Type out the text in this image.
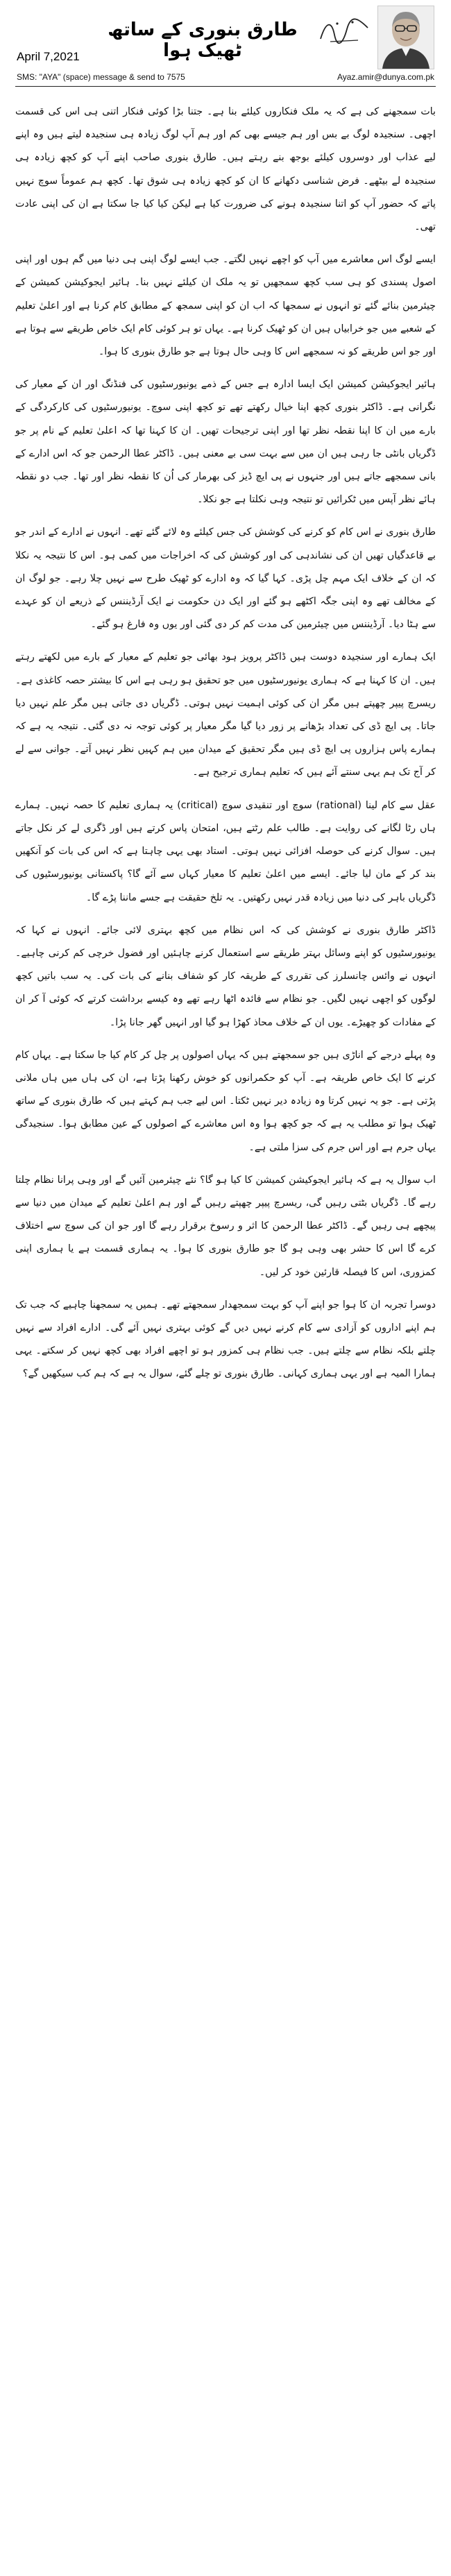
طارق بنوری کے ساتھ ٹھیک ہوا
April 7,2021
SMS: "AYA" (space) message & send to 7575	Ayaz.amir@dunya.com.pk

بات سمجھنے کی ہے کہ یہ ملک فنکاروں کیلئے بنا ہے۔ جتنا بڑا کوئی فنکار اتنی ہی اس کی قسمت اچھی۔ سنجیدہ لوگ بے بس اور ہم جیسے بھی کم اور ہم آپ لوگ زیادہ ہی سنجیدہ لیتے ہیں وہ اپنے لیے عذاب اور دوسروں کیلئے بوجھ بنے رہتے ہیں۔ طارق بنوری صاحب اپنے آپ کو کچھ زیادہ ہی سنجیدہ لے بیٹھے۔ فرض شناسی دکھانے کا ان کو کچھ زیادہ ہی شوق تھا۔ کچھ ہم عموماً سوچ نہیں پاتے کہ حضور آپ کو اتنا سنجیدہ ہونے کی ضرورت کیا ہے لیکن کیا کیا جا سکتا ہے ان کی اپنی عادت تھی۔

ایسے لوگ اس معاشرے میں آپ کو اچھے نہیں لگتے۔ جب ایسے لوگ اپنی ہی دنیا میں گم ہوں اور اپنی اصول پسندی کو ہی سب کچھ سمجھیں تو یہ ملک ان کیلئے نہیں بنا۔ ہائیر ایجوکیشن کمیشن کے چیئرمین بنائے گئے تو انہوں نے سمجھا کہ اب ان کو اپنی سمجھ کے مطابق کام کرنا ہے اور اعلیٰ تعلیم کے شعبے میں جو خرابیاں ہیں ان کو ٹھیک کرنا ہے۔ یہاں تو ہر کوئی کام ایک خاص طریقے سے ہوتا ہے اور جو اس طریقے کو نہ سمجھے اس کا وہی حال ہوتا ہے جو طارق بنوری کا ہوا۔

ہائیر ایجوکیشن کمیشن ایک ایسا ادارہ ہے جس کے ذمے یونیورسٹیوں کی فنڈنگ اور ان کے معیار کی نگرانی ہے۔ ڈاکٹر بنوری کچھ اپنا خیال رکھتے تھے تو کچھ اپنی سوچ۔ یونیورسٹیوں کی کارکردگی کے بارے میں ان کا اپنا نقطہ نظر تھا اور اپنی ترجیحات تھیں۔ ان کا کہنا تھا کہ اعلیٰ تعلیم کے نام پر جو ڈگریاں بانٹی جا رہی ہیں ان میں سے بہت سی بے معنی ہیں۔ ڈاکٹر عطا الرحمن جو کہ اس ادارے کے بانی سمجھے جاتے ہیں اور جنہوں نے پی ایچ ڈیز کی بھرمار کی اُن کا نقطہ نظر اور تھا۔ جب دو نقطہ ہائے نظر آپس میں ٹکرائیں تو نتیجہ وہی نکلتا ہے جو نکلا۔

طارق بنوری نے اس کام کو کرنے کی کوشش کی جس کیلئے وہ لائے گئے تھے۔ انہوں نے ادارے کے اندر جو بے قاعدگیاں تھیں ان کی نشاندہی کی اور کوشش کی کہ اخراجات میں کمی ہو۔ اس کا نتیجہ یہ نکلا کہ ان کے خلاف ایک مہم چل پڑی۔ کہا گیا کہ وہ ادارے کو ٹھیک طرح سے نہیں چلا رہے۔ جو لوگ ان کے مخالف تھے وہ اپنی جگہ اکٹھے ہو گئے اور ایک دن حکومت نے ایک آرڈیننس کے ذریعے ان کو عہدے سے ہٹا دیا۔ آرڈیننس میں چیئرمین کی مدت کم کر دی گئی اور یوں وہ فارغ ہو گئے۔

ایک ہمارے اور سنجیدہ دوست ہیں ڈاکٹر پرویز ہود بھائی جو تعلیم کے معیار کے بارے میں لکھتے رہتے ہیں۔ ان کا کہنا ہے کہ ہماری یونیورسٹیوں میں جو تحقیق ہو رہی ہے اس کا بیشتر حصہ کاغذی ہے۔ ریسرچ پیپر چھپتے ہیں مگر ان کی کوئی اہمیت نہیں ہوتی۔ ڈگریاں دی جاتی ہیں مگر علم نہیں دیا جاتا۔ پی ایچ ڈی کی تعداد بڑھانے پر زور دیا گیا مگر معیار پر کوئی توجہ نہ دی گئی۔ نتیجہ یہ ہے کہ ہمارے پاس ہزاروں پی ایچ ڈی ہیں مگر تحقیق کے میدان میں ہم کہیں نظر نہیں آتے۔ جوانی سے لے کر آج تک ہم یہی سنتے آئے ہیں کہ تعلیم ہماری ترجیح ہے۔

عقل سے کام لینا (rational) سوچ اور تنقیدی سوچ (critical) یہ ہماری تعلیم کا حصہ نہیں۔ ہمارے ہاں رٹا لگانے کی روایت ہے۔ طالب علم رٹتے ہیں، امتحان پاس کرتے ہیں اور ڈگری لے کر نکل جاتے ہیں۔ سوال کرنے کی حوصلہ افزائی نہیں ہوتی۔ استاد بھی یہی چاہتا ہے کہ اس کی بات کو آنکھیں بند کر کے مان لیا جائے۔ ایسے میں اعلیٰ تعلیم کا معیار کہاں سے آئے گا؟ پاکستانی یونیورسٹیوں کی ڈگریاں باہر کی دنیا میں زیادہ قدر نہیں رکھتیں۔ یہ تلخ حقیقت ہے جسے ماننا پڑے گا۔

ڈاکٹر طارق بنوری نے کوشش کی کہ اس نظام میں کچھ بہتری لائی جائے۔ انہوں نے کہا کہ یونیورسٹیوں کو اپنے وسائل بہتر طریقے سے استعمال کرنے چاہئیں اور فضول خرچی کم کرنی چاہیے۔ انہوں نے وائس چانسلرز کی تقرری کے طریقہ کار کو شفاف بنانے کی بات کی۔ یہ سب باتیں کچھ لوگوں کو اچھی نہیں لگیں۔ جو نظام سے فائدہ اٹھا رہے تھے وہ کیسے برداشت کرتے کہ کوئی آ کر ان کے مفادات کو چھیڑے۔ یوں ان کے خلاف محاذ کھڑا ہو گیا اور انہیں گھر جانا پڑا۔

وہ پہلے درجے کے اناڑی ہیں جو سمجھتے ہیں کہ یہاں اصولوں پر چل کر کام کیا جا سکتا ہے۔ یہاں کام کرنے کا ایک خاص طریقہ ہے۔ آپ کو حکمرانوں کو خوش رکھنا پڑتا ہے، ان کی ہاں میں ہاں ملانی پڑتی ہے۔ جو یہ نہیں کرتا وہ زیادہ دیر نہیں ٹکتا۔ اس لیے جب ہم کہتے ہیں کہ طارق بنوری کے ساتھ ٹھیک ہوا تو مطلب یہ ہے کہ جو کچھ ہوا وہ اس معاشرے کے اصولوں کے عین مطابق ہوا۔ سنجیدگی یہاں جرم ہے اور اس جرم کی سزا ملتی ہے۔

اب سوال یہ ہے کہ ہائیر ایجوکیشن کمیشن کا کیا ہو گا؟ نئے چیئرمین آئیں گے اور وہی پرانا نظام چلتا رہے گا۔ ڈگریاں بٹتی رہیں گی، ریسرچ پیپر چھپتے رہیں گے اور ہم اعلیٰ تعلیم کے میدان میں دنیا سے پیچھے ہی رہیں گے۔ ڈاکٹر عطا الرحمن کا اثر و رسوخ برقرار رہے گا اور جو ان کی سوچ سے اختلاف کرے گا اس کا حشر بھی وہی ہو گا جو طارق بنوری کا ہوا۔ یہ ہماری قسمت ہے یا ہماری اپنی کمزوری، اس کا فیصلہ قارئین خود کر لیں۔

دوسرا تجربہ ان کا ہوا جو اپنے آپ کو بہت سمجھدار سمجھتے تھے۔ ہمیں یہ سمجھنا چاہیے کہ جب تک ہم اپنے اداروں کو آزادی سے کام کرنے نہیں دیں گے کوئی بہتری نہیں آئے گی۔ ادارے افراد سے نہیں چلتے بلکہ نظام سے چلتے ہیں۔ جب نظام ہی کمزور ہو تو اچھے افراد بھی کچھ نہیں کر سکتے۔ یہی ہمارا المیہ ہے اور یہی ہماری کہانی۔ طارق بنوری تو چلے گئے، سوال یہ ہے کہ ہم کب سیکھیں گے؟
